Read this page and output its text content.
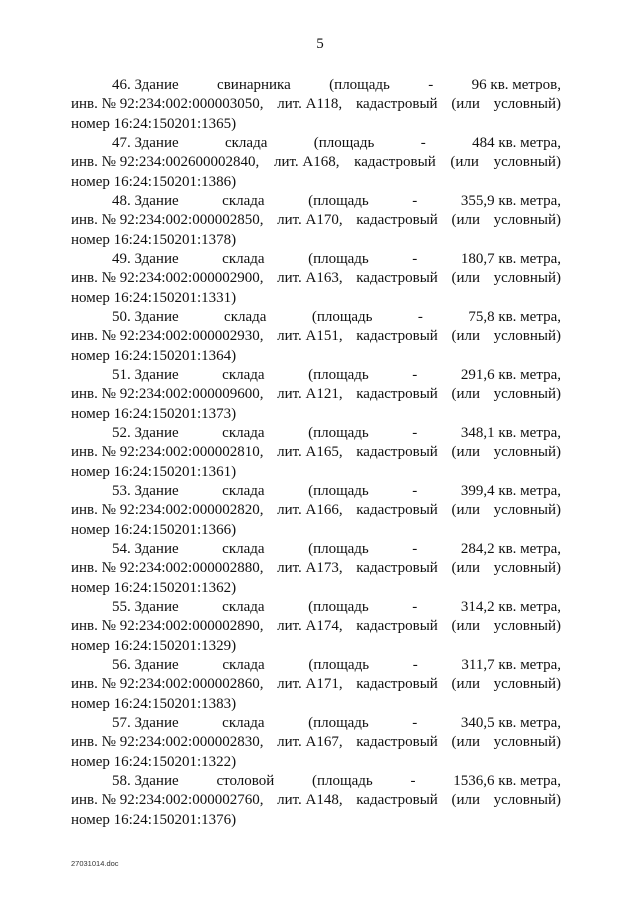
5
46. Здание	свинарника	(площадь	-	96 кв. метров,
инв. № 92:234:002:000003050, лит. А118, кадастровый (или условный)
номер 16:24:150201:1365)
47. Здание	склада	(площадь	-	484 кв. метра,
инв. № 92:234:002600002840, лит. А168, кадастровый (или условный)
номер 16:24:150201:1386)
48. Здание	склада	(площадь	-	355,9 кв. метра,
инв. № 92:234:002:000002850, лит. А170, кадастровый (или условный)
номер 16:24:150201:1378)
49. Здание	склада	(площадь	-	180,7 кв. метра,
инв. № 92:234:002:000002900, лит. А163, кадастровый (или условный)
номер 16:24:150201:1331)
50. Здание	склада	(площадь	-	75,8 кв. метра,
инв. № 92:234:002:000002930, лит. А151, кадастровый (или условный)
номер 16:24:150201:1364)
51. Здание	склада	(площадь	-	291,6 кв. метра,
инв. № 92:234:002:000009600, лит. А121, кадастровый (или условный)
номер 16:24:150201:1373)
52. Здание	склада	(площадь	-	348,1 кв. метра,
инв. № 92:234:002:000002810, лит. А165, кадастровый (или условный)
номер 16:24:150201:1361)
53. Здание	склада	(площадь	-	399,4 кв. метра,
инв. № 92:234:002:000002820, лит. А166, кадастровый (или условный)
номер 16:24:150201:1366)
54. Здание	склада	(площадь	-	284,2 кв. метра,
инв. № 92:234:002:000002880, лит. А173, кадастровый (или условный)
номер 16:24:150201:1362)
55. Здание	склада	(площадь	-	314,2 кв. метра,
инв. № 92:234:002:000002890, лит. А174, кадастровый (или условный)
номер 16:24:150201:1329)
56. Здание	склада	(площадь	-	311,7 кв. метра,
инв. № 92:234:002:000002860, лит. А171, кадастровый (или условный)
номер 16:24:150201:1383)
57. Здание	склада	(площадь	-	340,5 кв. метра,
инв. № 92:234:002:000002830, лит. А167, кадастровый (или условный)
номер 16:24:150201:1322)
58. Здание	столовой	(площадь	-	1536,6 кв. метра,
инв. № 92:234:002:000002760, лит. А148, кадастровый (или условный)
номер 16:24:150201:1376)
27031014.doc
